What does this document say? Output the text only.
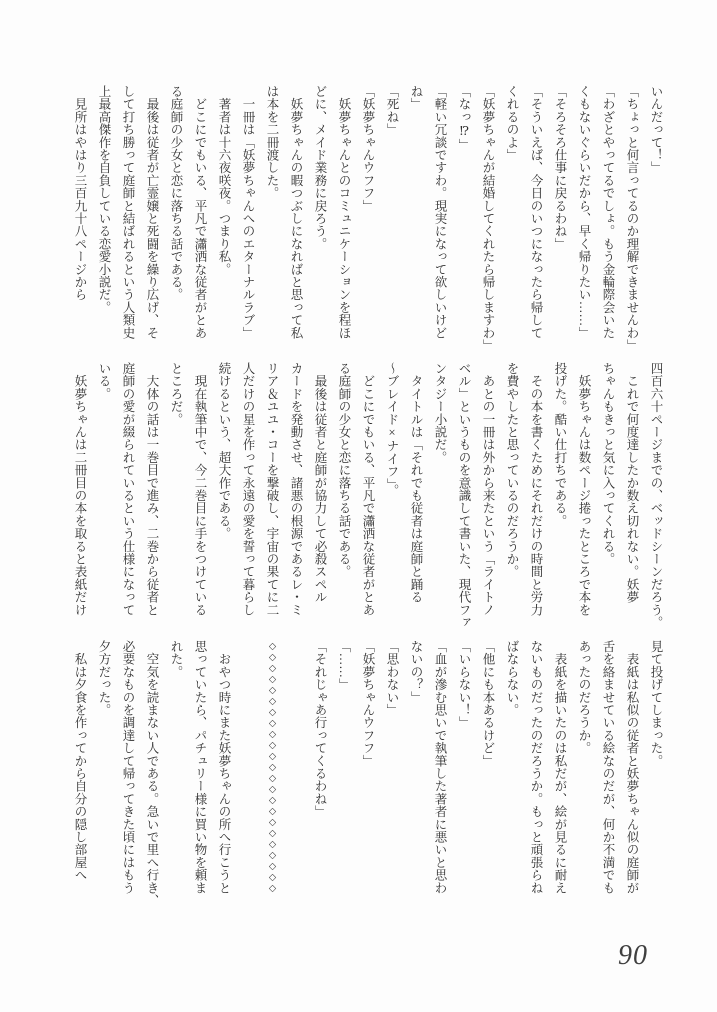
いんだって！」
「ちょっと何言ってるのか理解できませんわ」
「わざとやってるでしょ。もう金輪際会いた
くもないぐらいだから、早く帰りたい……」
「そろそろ仕事に戻るわね」
「そういえば、今日のいつになったら帰して
くれるのよ」
「妖夢ちゃんが結婚してくれたら帰しますわ」
「なっ⁉」
「軽い冗談ですわ。現実になって欲しいけど
ね」
「死ね」
「妖夢ちゃんウフフ」
　妖夢ちゃんとのコミュニケーションを程ほ
どに、メイド業務に戻ろう。
　妖夢ちゃんの暇つぶしになればと思って私
は本を二冊渡した。
　一冊は「妖夢ちゃんへのエターナルラブ」
　著者は十六夜咲夜。つまり私。
　どこにでもいる、平凡で瀟洒な従者がとあ
る庭師の少女と恋に落ちる話である。
　最後は従者が亡霊嬢と死闘を繰り広げ、そ
して打ち勝って庭師と結ばれるという人類史
上最高傑作を自負している恋愛小説だ。
　見所はやはり三百九十八ページから
四百六十ページまでの、ベッドシーンだろう。
　これで何度達したか数え切れない。妖夢
ちゃんもきっと気に入ってくれる。
　妖夢ちゃんは数ページ捲ったところで本を
投げた。酷い仕打ちである。
　その本を書くためにそれだけの時間と労力
を費やしたと思っているのだろうか。
　あとの一冊は外から来たという「ライトノ
ベル」というものを意識して書いた、現代ファ
ンタジー小説だ。
　タイトルは「それでも従者は庭師と踊る
～ブレイド×ナイフ」。
　どこにでもいる、平凡で瀟洒な従者がとあ
る庭師の少女と恋に落ちる話である。
　最後は従者と庭師が協力して必殺スペル
カードを発動させ、諸悪の根源であるレ・ミ
リア＆ユユ・コーを撃破し、宇宙の果てに二
人だけの星を作って永遠の愛を誓って暮らし
続けるという、超大作である。
　現在執筆中で、今二巻目に手をつけている
ところだ。
　大体の話は一巻目で進み、二巻から従者と
庭師の愛が綴られているという仕様になって
いる。
　妖夢ちゃんは二冊目の本を取ると表紙だけ
見て投げてしまった。
　表紙は私似の従者と妖夢ちゃん似の庭師が
舌を絡ませている絵なのだが、何か不満でも
あったのだろうか。
　表紙を描いたのは私だが、絵が見るに耐え
ないものだったのだろうか。もっと頑張らね
ばならない。
「他にも本あるけど」
「いらない！」
「血が滲む思いで執筆した著者に悪いと思わ
ないの？」
「思わない」
「妖夢ちゃんウフフ」
「……」
「それじゃあ行ってくるわね」
◇◇◇◇◇◇◇◇◇◇◇◇◇◇◇◇◇◇◇◇◇◇◇
　おやつ時にまた妖夢ちゃんの所へ行こうと
思っていたら、パチュリー様に買い物を頼ま
れた。
　空気を読まない人である。急いで里へ行き、
必要なものを調達して帰ってきた頃にはもう
夕方だった。
　私は夕食を作ってから自分の隠し部屋へ
90
